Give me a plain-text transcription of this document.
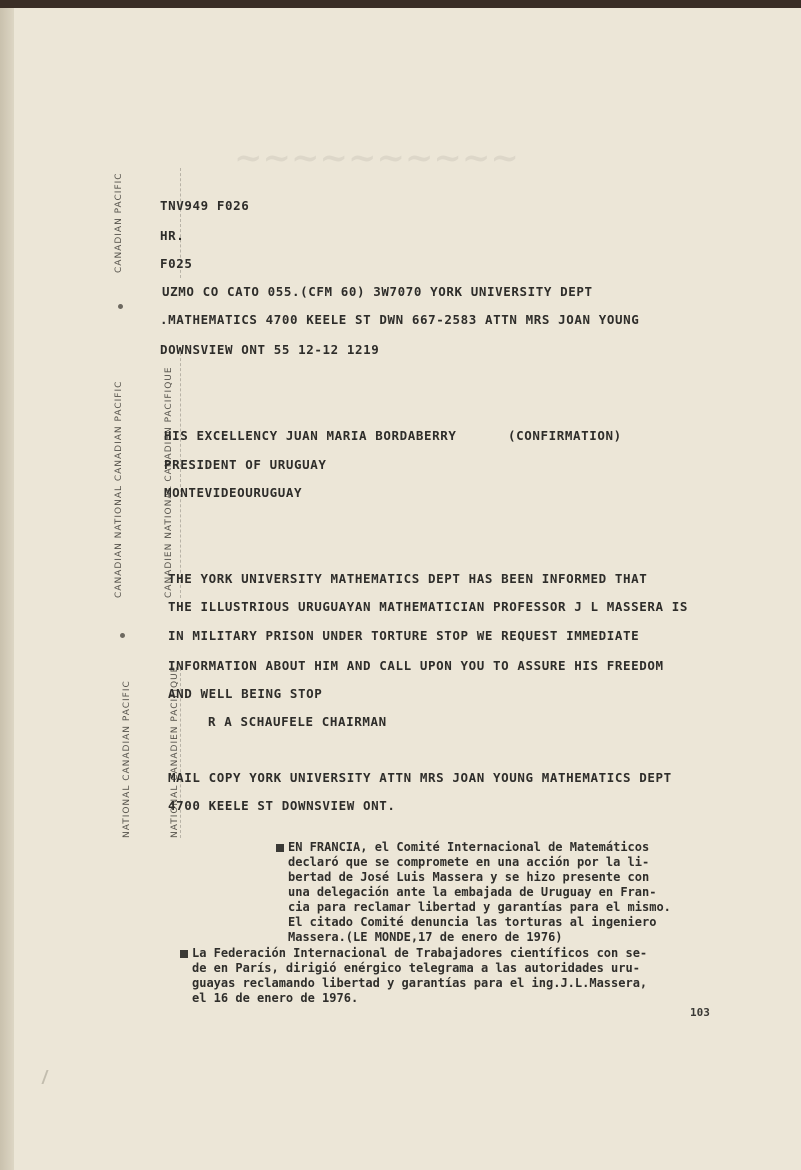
~~~~~~~~~~
CANADIAN PACIFIC
CANADIAN NATIONAL CANADIAN PACIFIC	CANADIEN NATIONAL CANADIEN PACIFIQUE
NATIONAL CANADIAN PACIFIC	NATIONAL CANADIEN PACIFIQUE
TNV949 F026
HR.
F025
UZMO CO CATO 055.(CFM 60) 3W7070 YORK UNIVERSITY DEPT
.MATHEMATICS 4700 KEELE ST DWN 667-2583 ATTN MRS JOAN YOUNG
DOWNSVIEW ONT 55 12-12 1219
HIS EXCELLENCY JUAN MARIA BORDABERRY	(CONFIRMATION)
PRESIDENT OF URUGUAY
MONTEVIDEOURUGUAY
THE YORK UNIVERSITY MATHEMATICS DEPT HAS BEEN INFORMED THAT
THE ILLUSTRIOUS URUGUAYAN MATHEMATICIAN PROFESSOR J L MASSERA IS
IN MILITARY PRISON UNDER TORTURE STOP WE REQUEST IMMEDIATE
INFORMATION ABOUT HIM AND CALL UPON YOU TO ASSURE HIS FREEDOM
AND WELL BEING STOP
R A SCHAUFELE CHAIRMAN
MAIL COPY YORK UNIVERSITY ATTN MRS JOAN YOUNG MATHEMATICS DEPT
4700 KEELE ST DOWNSVIEW ONT.
EN FRANCIA, el Comité Internacional de Matemáticos
declaró que se compromete en una acción por la li-
bertad de José Luis Massera y se hizo presente con
una delegación ante la embajada de Uruguay en Fran-
cia para reclamar libertad y garantías para el mismo.
El citado Comité denuncia las torturas al ingeniero
Massera.(LE MONDE,17 de enero de 1976)
La Federación Internacional de Trabajadores científicos con se-
de en París, dirigió enérgico telegrama a las autoridades uru-
guayas reclamando libertad y garantías para el ing.J.L.Massera,
el 16 de enero de 1976.
103
